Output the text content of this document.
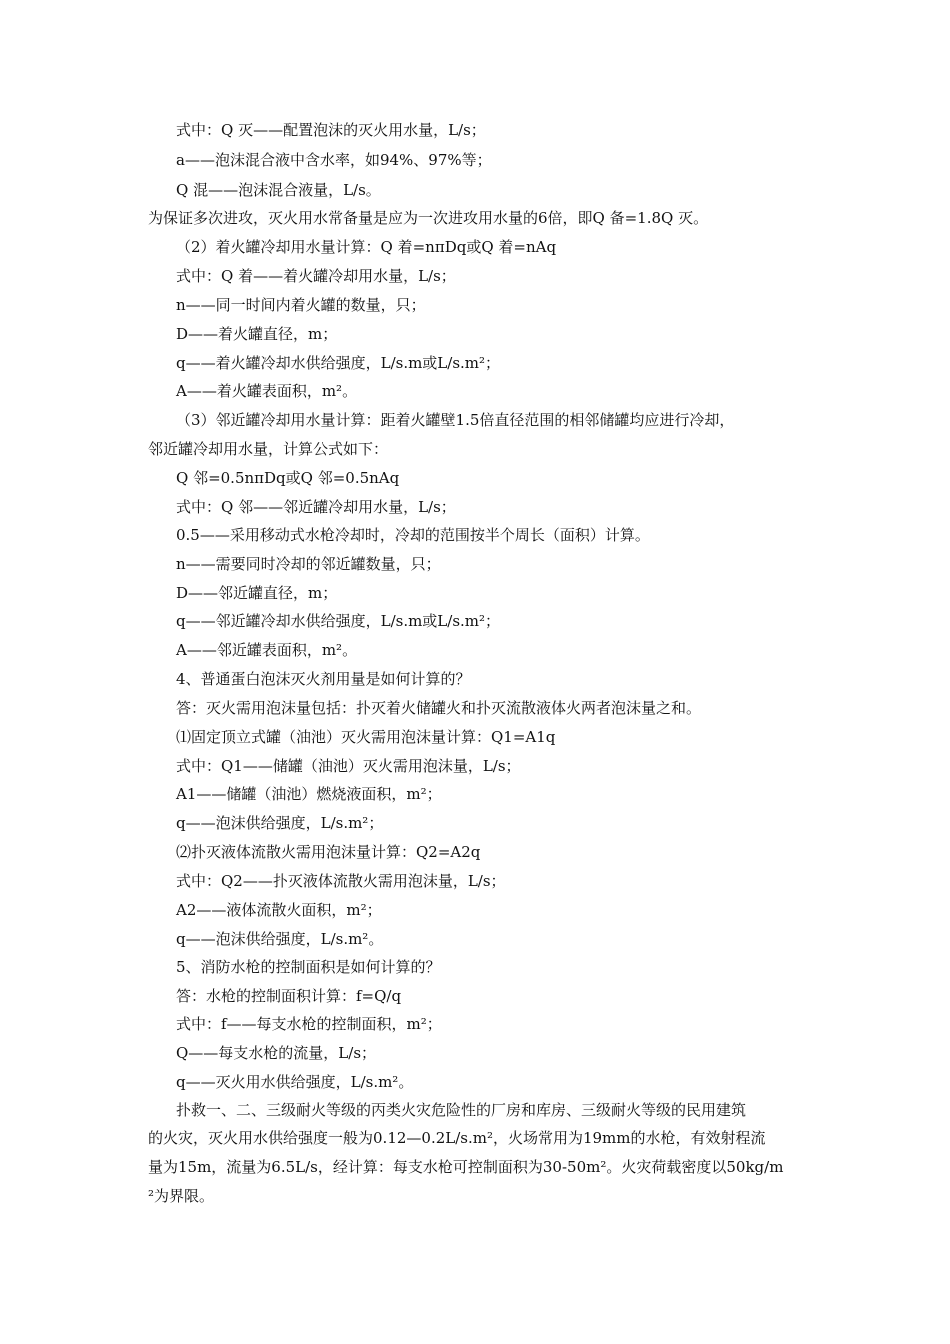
式中：Q 灭——配置泡沫的灭火用水量，L/s；
a——泡沫混合液中含水率，如94%、97%等；
Q 混——泡沫混合液量，L/s。
为保证多次进攻，灭火用水常备量是应为一次进攻用水量的6倍，即Q 备=1.8Q 灭。
（2）着火罐冷却用水量计算：Q 着=nπDq或Q 着=nAq
式中：Q 着——着火罐冷却用水量，L/s；
n——同一时间内着火罐的数量，只；
D——着火罐直径，m；
q——着火罐冷却水供给强度，L/s.m或L/s.m²；
A——着火罐表面积，m²。
（3）邻近罐冷却用水量计算：距着火罐壁1.5倍直径范围的相邻储罐均应进行冷却，
邻近罐冷却用水量，计算公式如下：
Q 邻=0.5nπDq或Q 邻=0.5nAq
式中：Q 邻——邻近罐冷却用水量，L/s；
0.5——采用移动式水枪冷却时，冷却的范围按半个周长（面积）计算。
n——需要同时冷却的邻近罐数量，只；
D——邻近罐直径，m；
q——邻近罐冷却水供给强度，L/s.m或L/s.m²；
A——邻近罐表面积，m²。
4、普通蛋白泡沫灭火剂用量是如何计算的？
答：灭火需用泡沫量包括：扑灭着火储罐火和扑灭流散液体火两者泡沫量之和。
⑴固定顶立式罐（油池）灭火需用泡沫量计算：Q1=A1q
式中：Q1——储罐（油池）灭火需用泡沫量，L/s；
A1——储罐（油池）燃烧液面积，m²；
q——泡沫供给强度，L/s.m²；
⑵扑灭液体流散火需用泡沫量计算：Q2=A2q
式中：Q2——扑灭液体流散火需用泡沫量，L/s；
A2——液体流散火面积，m²；
q——泡沫供给强度，L/s.m²。
5、消防水枪的控制面积是如何计算的？
答：水枪的控制面积计算：f=Q/q
式中：f——每支水枪的控制面积，m²；
Q——每支水枪的流量，L/s；
q——灭火用水供给强度，L/s.m²。
扑救一、二、三级耐火等级的丙类火灾危险性的厂房和库房、三级耐火等级的民用建筑
的火灾，灭火用水供给强度一般为0.12—0.2L/s.m²，火场常用为19mm的水枪，有效射程流
量为15m，流量为6.5L/s，经计算：每支水枪可控制面积为30-50m²。火灾荷载密度以50kg/m
²为界限。
